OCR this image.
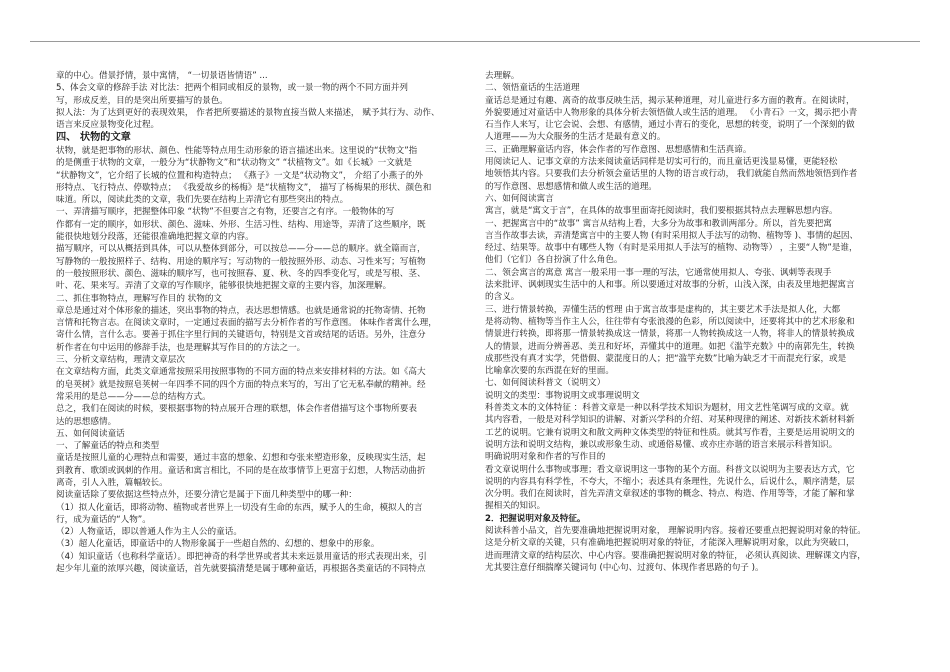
章的中心。借景抒情，景中寓情， “一切景语皆情语” ...
5、体会文章的修辞手法 对比法：把两个相同或相反的景物，或一景一物的两个不同方面并列
写，形成反差，目的是突出所要描写的景色。
拟人法：为了达到更好的表现效果， 作者把所要描述的景物直接当做人来描述， 赋予其行为、动作、
语言来反应景物变化过程。
四、 状物的文章
状物，就是把事物的形状、颜色、性能等特点用生动形象的语言描述出来。这里说的“状物文”指
的是侧重于状物的文章，一般分为“状静物文”和“状动物文” “状植物文”。如《长城》一文就是
“状静物文”，它介绍了长城的位置和构造特点； 《燕子》一文是“状动物文”， 介绍了小燕子的外
形特点、飞行特点、停歇特点； 《我爱故乡的杨梅》是“状植物文”， 描写了杨梅果的形状、颜色和
味道。所以，阅读此类的文章，我们先要在结构上弄清它有那些突出的特点。
一、弄清描写顺序，把握整体印象 “状物”不但要言之有物，还要言之有序。一般物体的写
作都有一定的顺序，如形状、颜色、滋味、外形、生活习性、结构、用途等，弄清了这些顺序，既
能很快地划分段落，还能很准确地把握文章的内容。
描写顺序，可以从概括到具体，可以从整体到部分，可以按总——分——总的顺序。就全篇而言，
写静物的一般按照样子、结构、用途的顺序写；写动物的一般按照外形、动态、习性来写；写植物
的一般按照形状、颜色、滋味的顺序写，也可按照春、夏、秋、冬的四季变化写，或是写根、茎、
叶、花、果来写。弄清了文章的写作顺序，能够很快地把握文章的主要内容，加深理解。
二、抓住事物特点，理解写作目的 状物的文
章总是通过对个体形象的描述，突出事物的特点，表达思想情感。也就是通常说的托物寄情、托物
言情和托物言志。在阅读文章时，一定通过表面的描写去分析作者的写作意图。 体味作者寓什么理，
寄什么情，言什么志。要善于抓住字里行间的关键语句，特别是文首或结尾的话语。另外，注意分
析作者在句中运用的修辞手法，也是理解其写作目的的方法之一。
三、分析文章结构，理清文章层次
在文章结构方面，此类文章通常按照采用按照事物的不同方面的特点来安排材料的方法。如《高大
的皂荚树》就是按照皂荚树一年四季不同的四个方面的特点来写的，写出了它无私奉献的精神。经
常采用的是总——分——总的结构方式。
总之，我们在阅读的时候，要根据事物的特点展开合理的联想，体会作者借描写这个事物所要表
达的思想感情。
五、如何阅读童话
一、了解童话的特点和类型
童话是按照儿童的心理特点和需要，通过丰富的想象、幻想和夸张来塑造形象，反映现实生活，起
到教育、歌颂或讽刺的作用。童话和寓言相比，不同的是在故事情节上更富于幻想，人物活动曲折
离奇，引人入胜，篇幅较长。
阅读童话除了要依据这些特点外，还要分清它是属于下面几种类型中的哪一种：
（1）拟人化童话，即将动物、植物或者世界上一切没有生命的东西，赋予人的生命，模拟人的言
行，成为童话的“人物”。
（2）人物童话，即以普通人作为主人公的童话。
（3）超人化童话，即童话中的人物形象属于一些超自然的、幻想的、想象中的形象。
（4）知识童话（也称科学童话）。即把神奇的科学世界或者其未来远景用童话的形式表现出来，引
起少年儿童的浓厚兴趣，阅读童话，首先就要搞清楚是属于哪种童话，再根据各类童话的不同特点
去理解。
二、领悟童话的生活道理
童话总是通过有趣、离奇的故事反映生活，揭示某种道理，对儿童进行多方面的教育。在阅读时，
外貌要通过对童话中人物形象的具体分析去领悟做人或生活的道理。 《小青石》一文，揭示把小青
石当作人来写，让它会说、会想、有感情，通过小青石的变化，思想的转变，说明了一个深刻的做
人道理——为大众服务的生活才是最有意义的。
三、正确理解童话内容，体会作者的写作意图、思想感情和生活真谛。
用阅读记人、记事文章的方法来阅读童话同样是切实可行的，而且童话更浅显易懂，更能轻松
地领悟其内容。只要我们去分析领会童话里的人物的语言或行动， 我们就能自然而然地领悟到作者
的写作意图、思想感情和做人或生活的道理。
六、如何阅读寓言
寓言，就是“寓文于言”，在具体的故事里面寄托阅读时，我们要根据其特点去理解思想内容。
一、把握寓言中的“故事” 寓言从结构上看，大多分为故事和教训两部分。所以，首先要把寓
言当作故事去读，弄清楚寓言中的主要人物 (有时采用拟人手法写的动物、植物等 )、事情的起因、
经过、结果等。故事中有哪些人物（有时是采用拟人手法写的植物、动物等） ，主要“人物”是谁，
他们（它们）各自扮演了什么角色。
二、领会寓言的寓意 寓言一般采用一事一理的写法，它通常使用拟人、夸张、讽刺等表现手
法来批评、讽刺现实生活中的人和事。所以要通过对故事的分析，山浅入深，由表及里地把握寓言
的含义。
三、进行情景转换，弄懂生活的哲理 由于寓言故事是虚构的，其主要艺术手法是拟人化，大都
是将动物、植物等当作主人公，往往带有夸张浪漫的色彩，所以阅读中，还要将其中的艺术形象和
情景进行转换，即将那一情景转换成这一情景，将那一人物转换成这一人物，将非人的情景转换成
人的情景，进而分辨善恶、美丑和好坏，弄懂其中的道理。如把《滥竽充数》中的南郭先生，转换
成那些没有真才实学，凭借假、蒙混度日的人；把“滥竽充数”比喻为缺乏才干而混充行家，或是
比喻拿次要的东西混在好的里面。
七、如何阅读科普文（说明文）
说明文的类型：事物说明文或事理说明文
科普类文本的文体特征 ：科普文章是一种以科学技术知识为题材，用文艺性笔调写成的文章。就
其内容看，一般是对科学知识的讲解、对新兴学科的介绍、对某种现律的阐述、对新技术新材料新
工艺的说明。它兼有说明文和散文两种文体类型的特征和性质。就其写作看，主要是运用说明文的
说明方法和说明文结构，兼以或形象生动、或通俗易懂、或亦庄亦谐的语言来展示科普知识。
明确说明对象和作者的写作目的
看文章说明什么事物或事理；看文章说明这一事物的某个方面。科普文以说明为主要表达方式，它
说明的内容具有科学性，不夸大，不缩小；表述具有条理性，先说什么，后说什么，顺序清楚，层
次分明。我们在阅读时，首先弄清文章叙述的事物的概念、特点、构造、作用等等，才能了解和掌
握相关的知识。
2．把握说明对象及特征。
阅读科普小品文，首先要准确地把握说明对象， 理解说明内容。接着还要重点把握说明对象的特征。
这是分析文章的关键，只有准确地把握说明对象的特征，才能深入理解说明对象，以此为突破口，
进而理清文章的结构层次、中心内容。要准确把握说明对象的特征， 必须认真阅读、理解课文内容，
尤其要注意仔细揣摩关键词句 (中心句、过渡句、体现作者思路的句子 )。
